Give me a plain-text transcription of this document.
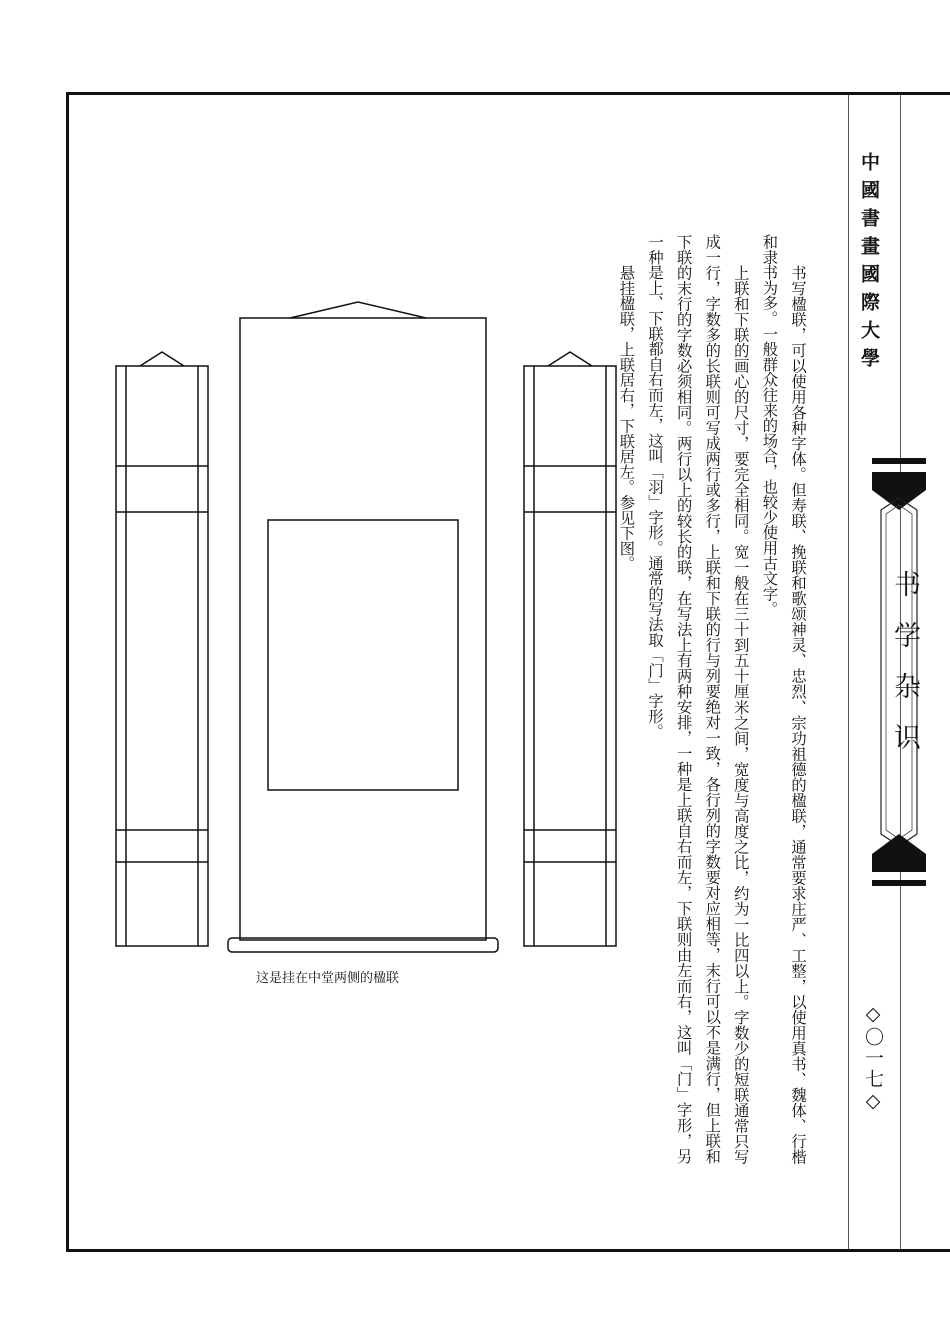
中國書畫國際大學
书学杂识
◇〇一七◇

书写楹联，可以使用各种字体。但寿联、挽联和歌颂神灵、忠烈、宗功祖德的楹联，通常要求庄严、工整，以使用真书、魏体、行楷和隶书为多。一般群众往来的场合，也较少使用古文字。

上联和下联的画心的尺寸，要完全相同。宽一般在三十到五十厘米之间，宽度与高度之比，约为一比四以上。字数少的短联通常只写成一行，字数多的长联则可写成两行或多行，上联和下联的行与列要绝对一致，各行列的字数要对应相等，末行可以不是满行，但上联和下联的末行的字数必须相同。两行以上的较长的联，在写法上有两种安排，一种是上联自右而左，下联则由左而右，这叫「门」字形，另一种是上、下联都自右而左，这叫「羽」字形。通常的写法取「门」字形。

悬挂楹联，上联居右，下联居左。参见下图。

这是挂在中堂两侧的楹联
